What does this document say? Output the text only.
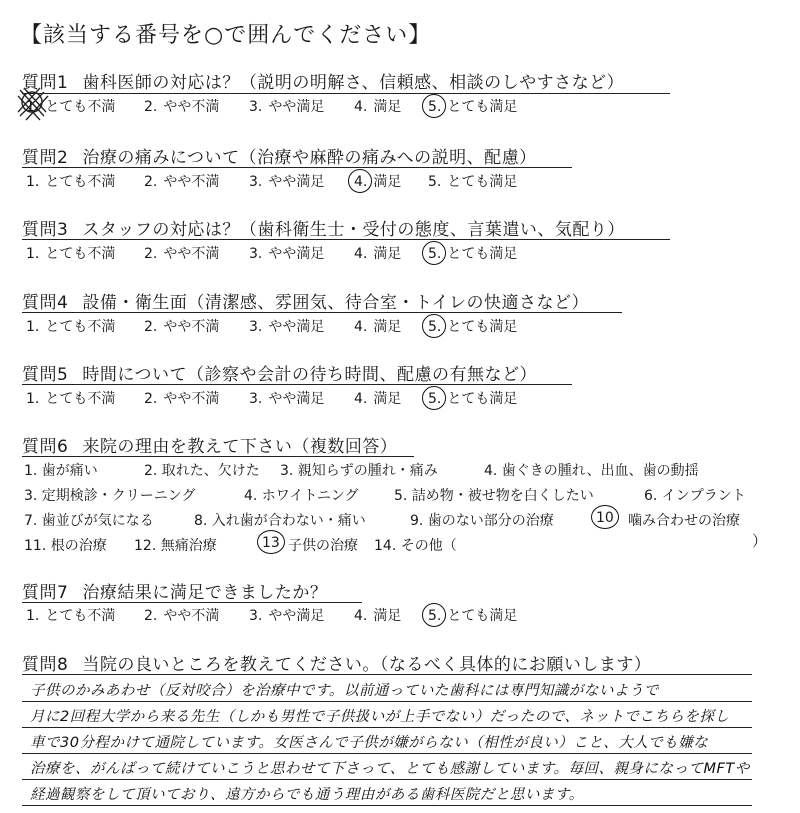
【該当する番号を○で囲んでください】
質問1 歯科医師の対応は？（説明の明解さ、信頼感、相談のしやすさなど）
1. とても不満 2. やや不満 3. やや満足 4. 満足 5. とても満足
質問2 治療の痛みについて（治療や麻酔の痛みへの説明、配慮）
1. とても不満 2. やや不満 3. やや満足 4. 満足 5. とても満足
質問3 スタッフの対応は？（歯科衛生士・受付の態度、言葉遣い、気配り）
1. とても不満 2. やや不満 3. やや満足 4. 満足 5. とても満足
質問4 設備・衛生面（清潔感、雰囲気、待合室・トイレの快適さなど）
1. とても不満 2. やや不満 3. やや満足 4. 満足 5. とても満足
質問5 時間について（診察や会計の待ち時間、配慮の有無など）
1. とても不満 2. やや不満 3. やや満足 4. 満足 5. とても満足
質問6 来院の理由を教えて下さい（複数回答）
1. 歯が痛い	2. 取れた、欠けた 3. 親知らずの腫れ・痛み	4. 歯ぐきの腫れ、出血、歯の動揺
3. 定期検診・クリーニング	4. ホワイトニング	5. 詰め物・被せ物を白くしたい	6. インプラント
7. 歯並びが気になる	8. 入れ歯が合わない・痛い	9. 歯のない部分の治療	10	噛み合わせの治療
11. 根の治療 12. 無痛治療	13 子供の治療 14. その他（	）
質問7 治療結果に満足できましたか？
1. とても不満 2. やや不満 3. やや満足 4. 満足 5. とても満足
質問8 当院の良いところを教えてください。（なるべく具体的にお願いします）
子供のかみあわせ（反対咬合）を治療中です。以前通っていた歯科には専門知識がないようで
月に2回程大学から来る先生（しかも男性で子供扱いが上手でない）だったので、ネットでこちらを探し
車で30分程かけて通院しています。女医さんで子供が嫌がらない（相性が良い）こと、大人でも嫌な
治療を、がんばって続けていこうと思わせて下さって、とても感謝しています。毎回、親身になってMFTや
経過観察をして頂いており、遠方からでも通う理由がある歯科医院だと思います。
